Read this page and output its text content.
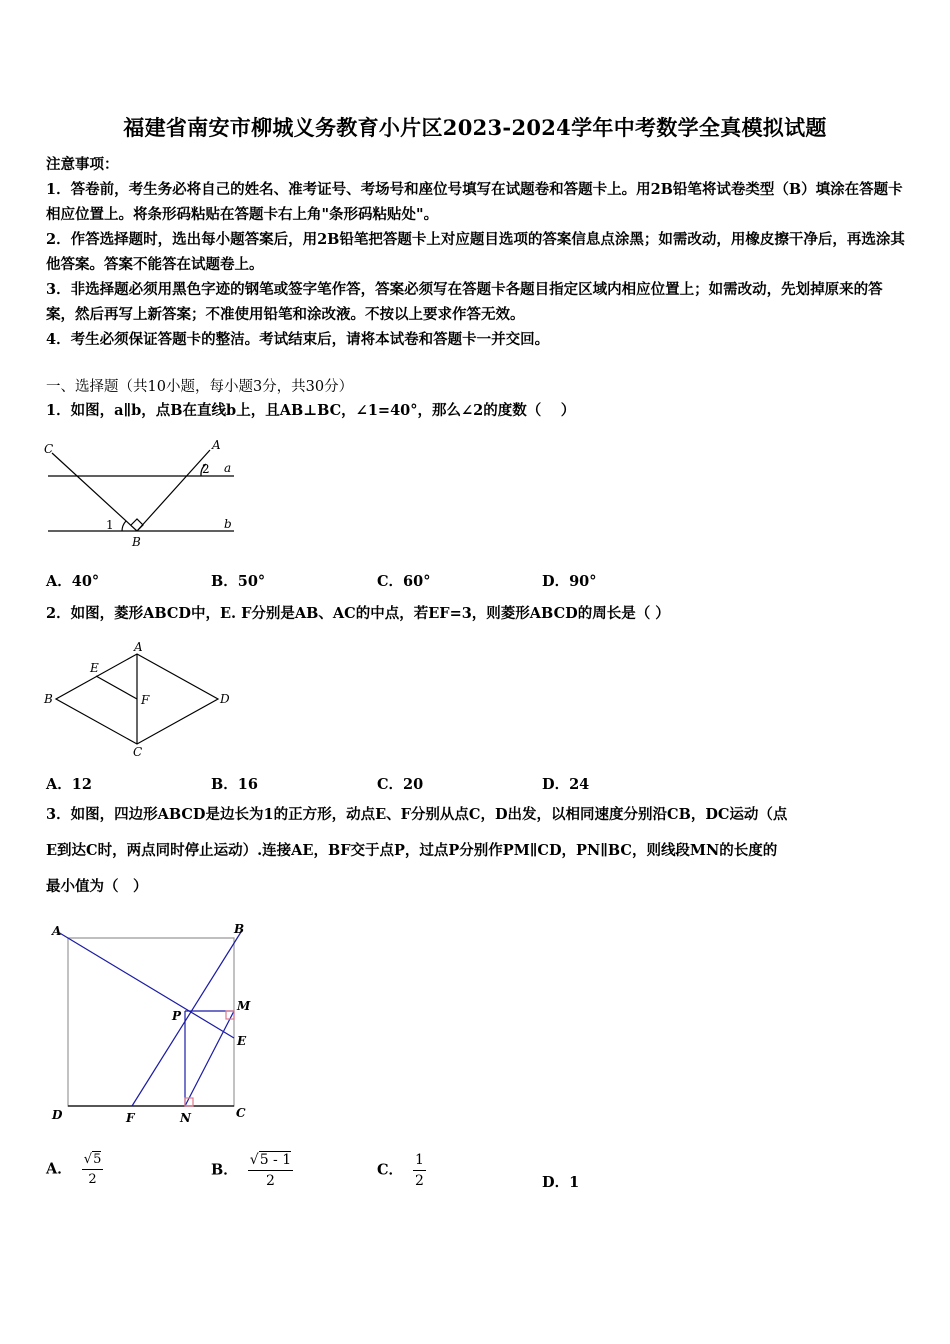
福建省南安市柳城义务教育小片区2023-2024学年中考数学全真模拟试题

注意事项：

1．答卷前，考生务必将自己的姓名、准考证号、考场号和座位号填写在试题卷和答题卡上。用2B铅笔将试卷类型（B）填涂在答题卡相应位置上。将条形码粘贴在答题卡右上角"条形码粘贴处"。

2．作答选择题时，选出每小题答案后，用2B铅笔把答题卡上对应题目选项的答案信息点涂黑；如需改动，用橡皮擦干净后，再选涂其他答案。答案不能答在试题卷上。

3．非选择题必须用黑色字迹的钢笔或签字笔作答，答案必须写在答题卡各题目指定区域内相应位置上；如需改动，先划掉原来的答案，然后再写上新答案；不准使用铅笔和涂改液。不按以上要求作答无效。

4．考生必须保证答题卡的整洁。考试结束后，请将本试卷和答题卡一并交回。

一、选择题（共10小题，每小题3分，共30分）
1．如图，a∥b，点B在直线b上，且AB⊥BC，∠1=40°，那么∠2的度数（　 ）
C	A
2 a
1	b
B
A．40°	B．50°	C．60°	D．90°
2．如图，菱形ABCD中，E. F分别是AB、AC的中点，若EF=3，则菱形ABCD的周长是（ ）
A
E
B	F	D
C
A．12	B．16	C．20	D．24

3．如图，四边形ABCD是边长为1的正方形，动点E、F分别从点C，D出发，以相同速度分别沿CB，DC运动（点

E到达C时，两点同时停止运动）.连接AE，BF交于点P，过点P分别作PM∥CD，PN∥BC，则线段MN的长度的

最小值为（　）

A	B
P
M
E
D	F	N	C
A． $\frac{√5}{2}$	B． $\frac{√5 - 1}{2}$	C． $\frac{1}{2}$	D．1
